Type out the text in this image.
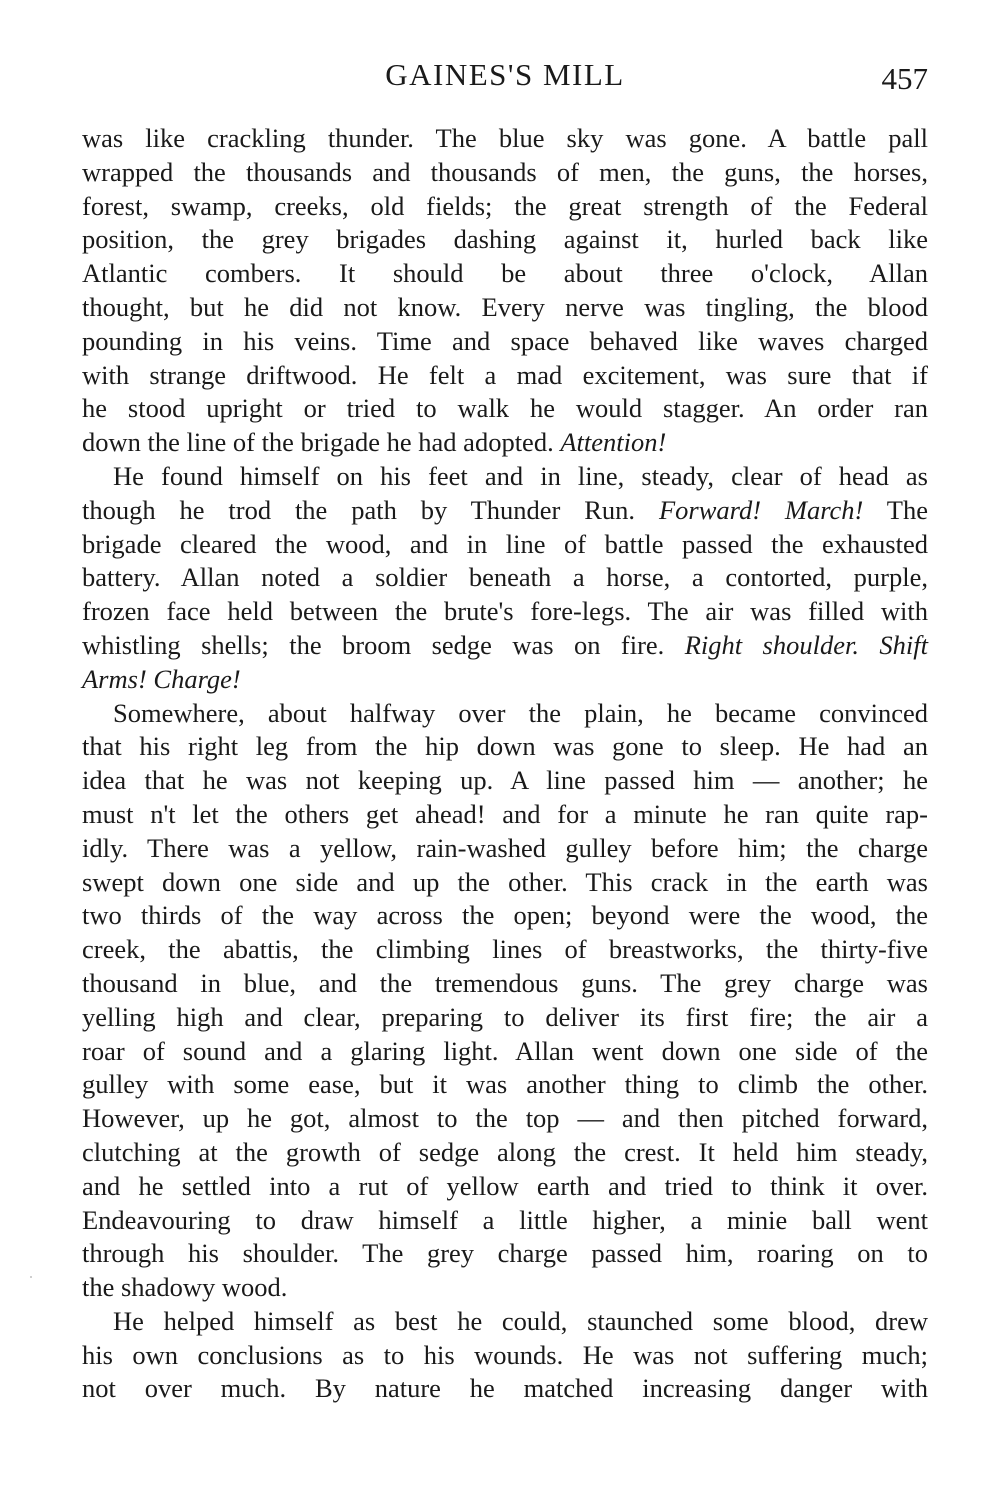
GAINES'S MILL	457
was like crackling thunder. The blue sky was gone. A battle pall
wrapped the thousands and thousands of men, the guns, the horses,
forest, swamp, creeks, old fields; the great strength of the Federal
position, the grey brigades dashing against it, hurled back like
Atlantic combers. It should be about three o'clock, Allan
thought, but he did not know. Every nerve was tingling, the blood
pounding in his veins. Time and space behaved like waves charged
with strange driftwood. He felt a mad excitement, was sure that if
he stood upright or tried to walk he would stagger. An order ran
down the line of the brigade he had adopted. Attention!
He found himself on his feet and in line, steady, clear of head as
though he trod the path by Thunder Run. Forward! March! The
brigade cleared the wood, and in line of battle passed the exhausted
battery. Allan noted a soldier beneath a horse, a contorted, purple,
frozen face held between the brute's fore-legs. The air was filled with
whistling shells; the broom sedge was on fire. Right shoulder. Shift
Arms! Charge!
Somewhere, about halfway over the plain, he became convinced
that his right leg from the hip down was gone to sleep. He had an
idea that he was not keeping up. A line passed him — another; he
must n't let the others get ahead! and for a minute he ran quite rap-
idly. There was a yellow, rain-washed gulley before him; the charge
swept down one side and up the other. This crack in the earth was
two thirds of the way across the open; beyond were the wood, the
creek, the abattis, the climbing lines of breastworks, the thirty-five
thousand in blue, and the tremendous guns. The grey charge was
yelling high and clear, preparing to deliver its first fire; the air a
roar of sound and a glaring light. Allan went down one side of the
gulley with some ease, but it was another thing to climb the other.
However, up he got, almost to the top — and then pitched forward,
clutching at the growth of sedge along the crest. It held him steady,
and he settled into a rut of yellow earth and tried to think it over.
Endeavouring to draw himself a little higher, a minie ball went
through his shoulder. The grey charge passed him, roaring on to
the shadowy wood.
He helped himself as best he could, staunched some blood, drew
his own conclusions as to his wounds. He was not suffering much;
not over much. By nature he matched increasing danger with
